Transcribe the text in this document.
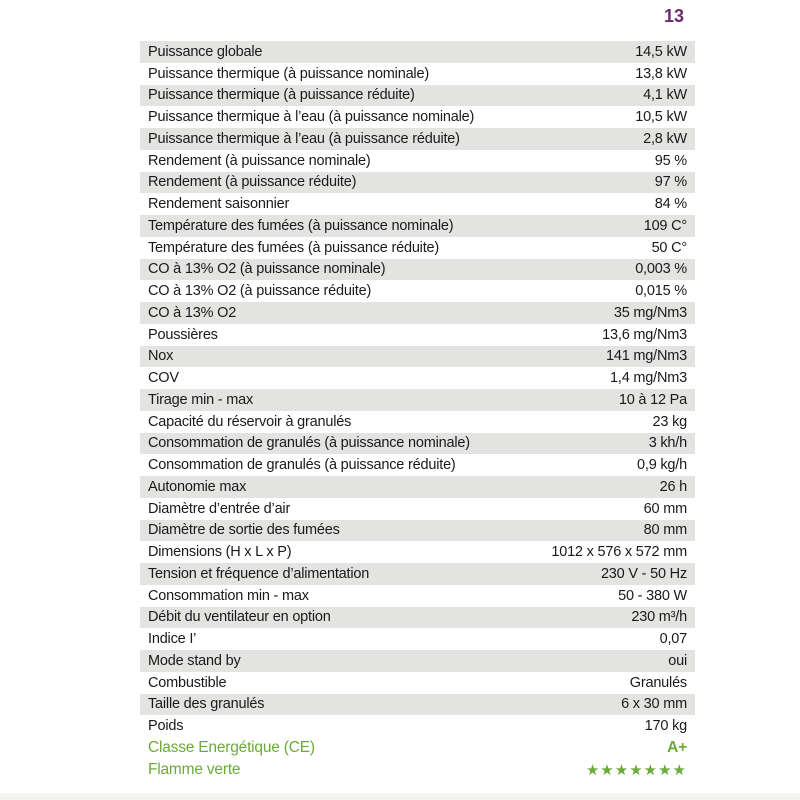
13
Puissance globale	14,5 kW
Puissance thermique (à puissance nominale)	13,8 kW
Puissance thermique (à puissance réduite)	4,1 kW
Puissance thermique à l’eau (à puissance nominale)	10,5 kW
Puissance thermique à l’eau (à puissance réduite)	2,8 kW
Rendement (à puissance nominale)	95 %
Rendement (à puissance réduite)	97 %
Rendement saisonnier	84 %
Température des fumées (à puissance nominale)	109 C°
Température des fumées (à puissance réduite)	50 C°
CO à 13% O2 (à puissance nominale)	0,003 %
CO à 13% O2 (à puissance réduite)	0,015 %
CO à 13% O2	35 mg/Nm3
Poussières	13,6 mg/Nm3
Nox	141 mg/Nm3
COV	1,4 mg/Nm3
Tirage min - max	10 à 12 Pa
Capacité du réservoir à granulés	23 kg
Consommation de granulés (à puissance nominale)	3 kh/h
Consommation de granulés (à puissance réduite)	0,9 kg/h
Autonomie max	26 h
Diamètre d’entrée d’air	60 mm
Diamètre de sortie des fumées	80 mm
Dimensions (H x L x P)	1012 x 576 x 572 mm
Tension et fréquence d’alimentation	230 V - 50 Hz
Consommation min - max	50 - 380 W
Débit du ventilateur en option	230 m³/h
Indice I’	0,07
Mode stand by	oui
Combustible	Granulés
Taille des granulés	6 x 30 mm
Poids	170 kg
Classe Energétique (CE)	A+
Flamme verte	★★★★★★★
